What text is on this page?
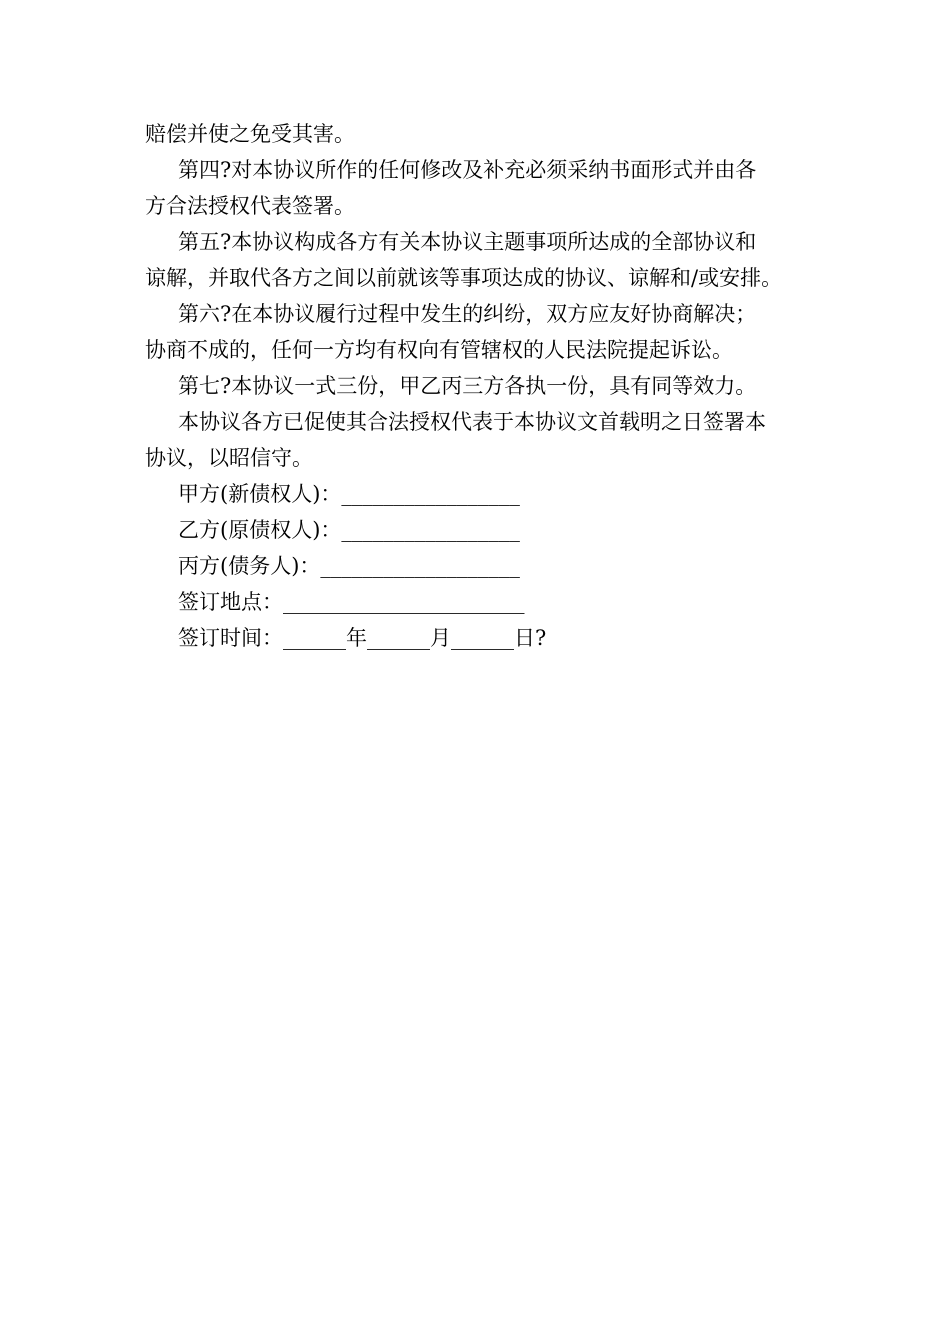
赔偿并使之免受其害。
第四?对本协议所作的任何修改及补充必须采纳书面形式并由各
方合法授权代表签署。
第五?本协议构成各方有关本协议主题事项所达成的全部协议和
谅解，并取代各方之间以前就该等事项达成的协议、谅解和/或安排。
第六?在本协议履行过程中发生的纠纷，双方应友好协商解决；
协商不成的，任何一方均有权向有管辖权的人民法院提起诉讼。
第七?本协议一式三份，甲乙丙三方各执一份，具有同等效力。
本协议各方已促使其合法授权代表于本协议文首载明之日签署本
协议，以昭信守。
甲方(新债权人)：_________________
乙方(原债权人)：_________________
丙方(债务人)：___________________
签订地点：_______________________
签订时间：______年______月______日?
